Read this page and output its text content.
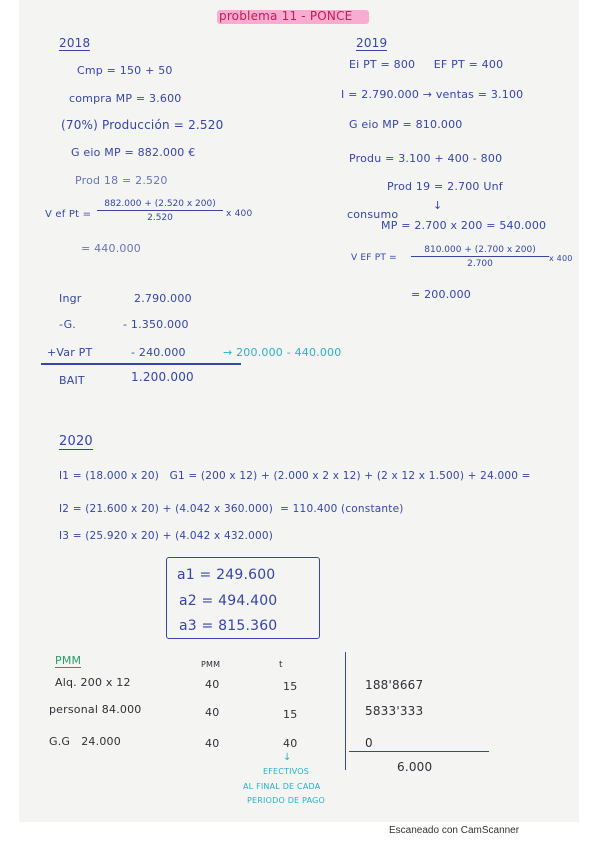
problema 11 - PONCE
2018
Cmp = 150 + 50
compra MP = 3.600
(70%) Producción = 2.520
G eio MP = 882.000 €
Prod 18 = 2.520
V ef $Pt = \frac{882.000 + (2.520 x 200)}{2.520}$ x 400
= 440.000
Ingr	2.790.000
-G.	- 1.350.000
+Var PT	- 240.000	→ 200.000 - 440.000
BAIT	1.200.000
2019
Ei PT = 800     EF PT = 400
I = 2.790.000 → ventas = 3.100
G eio MP = 810.000
Produ = 3.100 + 400 - 800
Prod 19 = 2.700 Unf
consumo
MP = 2.700 x 200 = 540.000
↓
V EF PT = $\frac{810.000 + (2.700 x 200)}{2.700}$ x 400
= 200.000
2020
I1 = (18.000 x 20)   G1 = (200 x 12) + (2.000 x 2 x 12) + (2 x 12 x 1.500) + 24.000 =
I2 = (21.600 x 20) + (4.042 x 360.000)  = 110.400 (constante)
I3 = (25.920 x 20) + (4.042 x 432.000)
a1 = 249.600
a2 = 494.400
a3 = 815.360
PMM	PMM	t
Alq. 200 x 12	40	15	188'8667
personal 84.000	40	15	5833'333
G.G   24.000	40	40	0
6.000
↓
EFECTIVOS
AL FINAL DE CADA
PERIODO DE PAGO
Escaneado con CamScanner
